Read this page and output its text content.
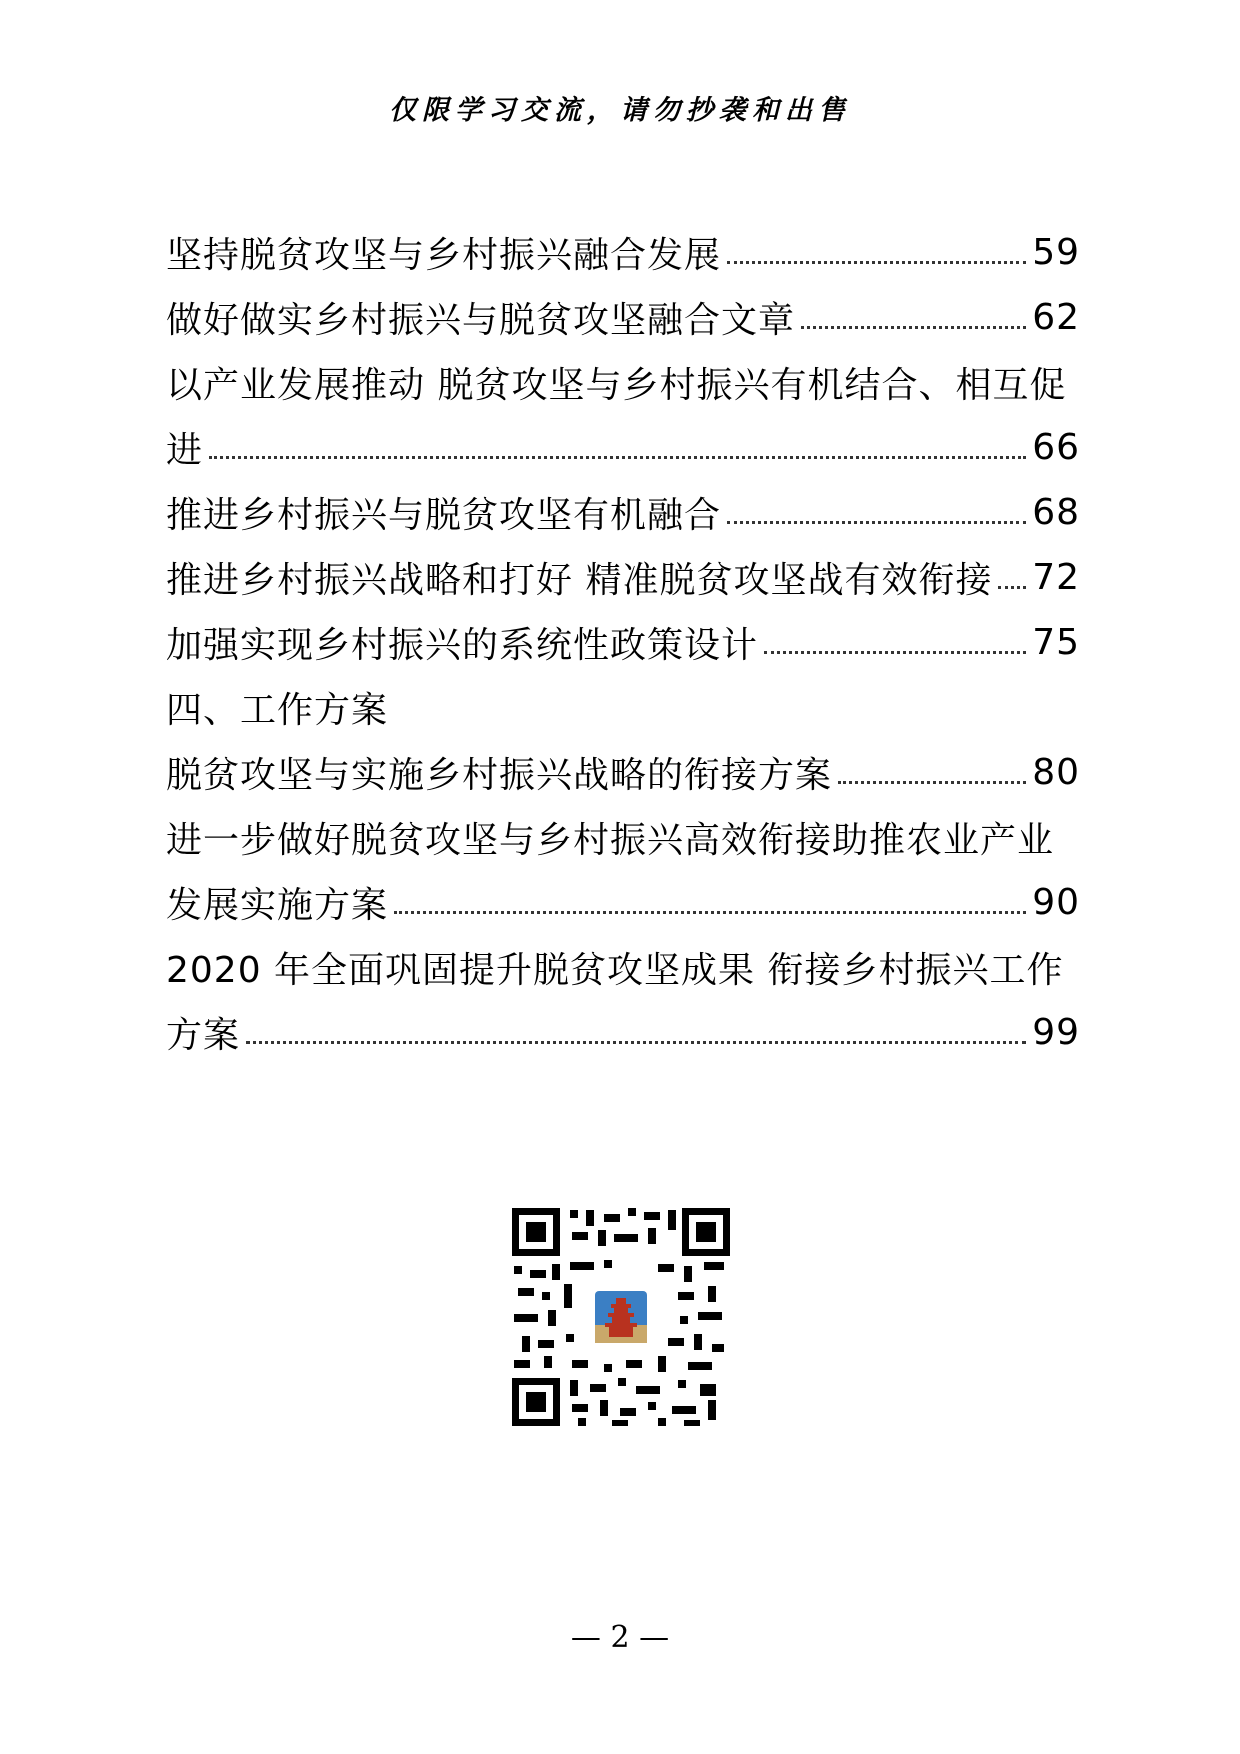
仅限学习交流，请勿抄袭和出售
坚持脱贫攻坚与乡村振兴融合发展	59
做好做实乡村振兴与脱贫攻坚融合文章	62
以产业发展推动 脱贫攻坚与乡村振兴有机结合、相互促
进	66
推进乡村振兴与脱贫攻坚有机融合	68
推进乡村振兴战略和打好 精准脱贫攻坚战有效衔接 72
加强实现乡村振兴的系统性政策设计	75
四、工作方案
脱贫攻坚与实施乡村振兴战略的衔接方案	80
进一步做好脱贫攻坚与乡村振兴高效衔接助推农业产业
发展实施方案	90
2020 年全面巩固提升脱贫攻坚成果 衔接乡村振兴工作
方案	99
— 2 —
